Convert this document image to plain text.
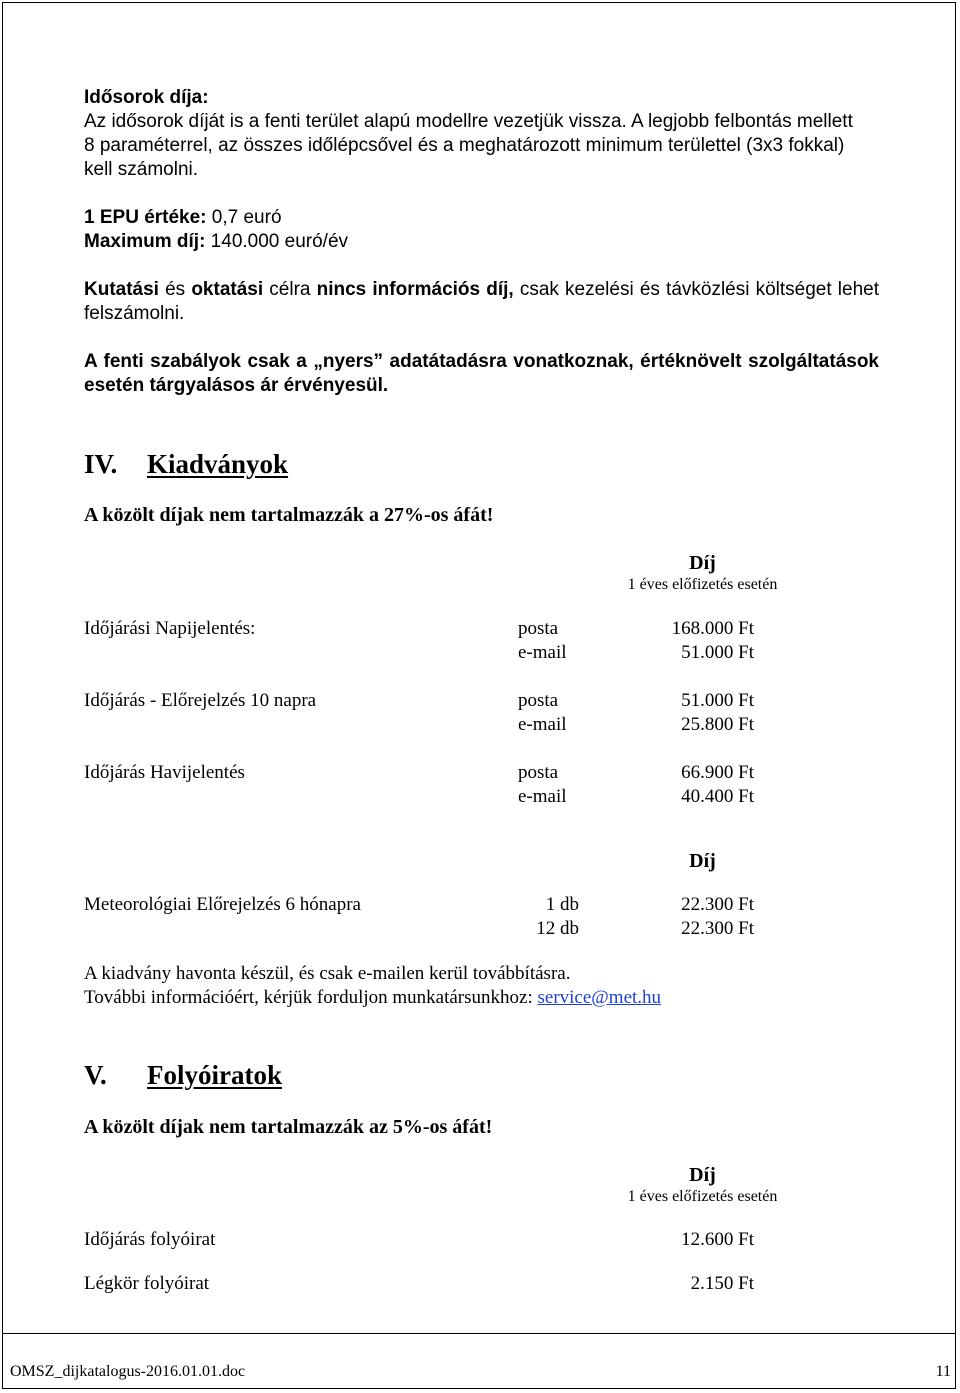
Idősorok díja:
Az idősorok díját is a fenti terület alapú modellre vezetjük vissza. A legjobb felbontás mellett
8 paraméterrel, az összes időlépcsővel és a meghatározott minimum területtel (3x3 fokkal)
kell számolni.
1 EPU értéke: 0,7 euró
Maximum díj: 140.000 euró/év
Kutatási és oktatási célra nincs információs díj, csak kezelési és távközlési költséget lehet felszámolni.
A fenti szabályok csak a „nyers” adatátadásra vonatkoznak, értéknövelt szolgáltatások esetén tárgyalásos ár érvényesül.
IV. Kiadványok
A közölt díjak nem tartalmazzák a 27%-os áfát!
Díj
1 éves előfizetés esetén
Időjárási Napijelentés:	posta	168.000 Ft
e-mail	51.000 Ft
Időjárás - Előrejelzés 10 napra	posta	51.000 Ft
e-mail	25.800 Ft
Időjárás Havijelentés	posta	66.900 Ft
e-mail	40.400 Ft
Díj
Meteorológiai Előrejelzés 6 hónapra	1 db	22.300 Ft
12 db	22.300 Ft
A kiadvány havonta készül, és csak e-mailen kerül továbbításra.
További információért, kérjük forduljon munkatársunkhoz: service@met.hu
V. Folyóiratok
A közölt díjak nem tartalmazzák az 5%-os áfát!
Díj
1 éves előfizetés esetén
Időjárás folyóirat	12.600 Ft
Légkör folyóirat	2.150 Ft
OMSZ_dijkatalogus-2016.01.01.doc	11
